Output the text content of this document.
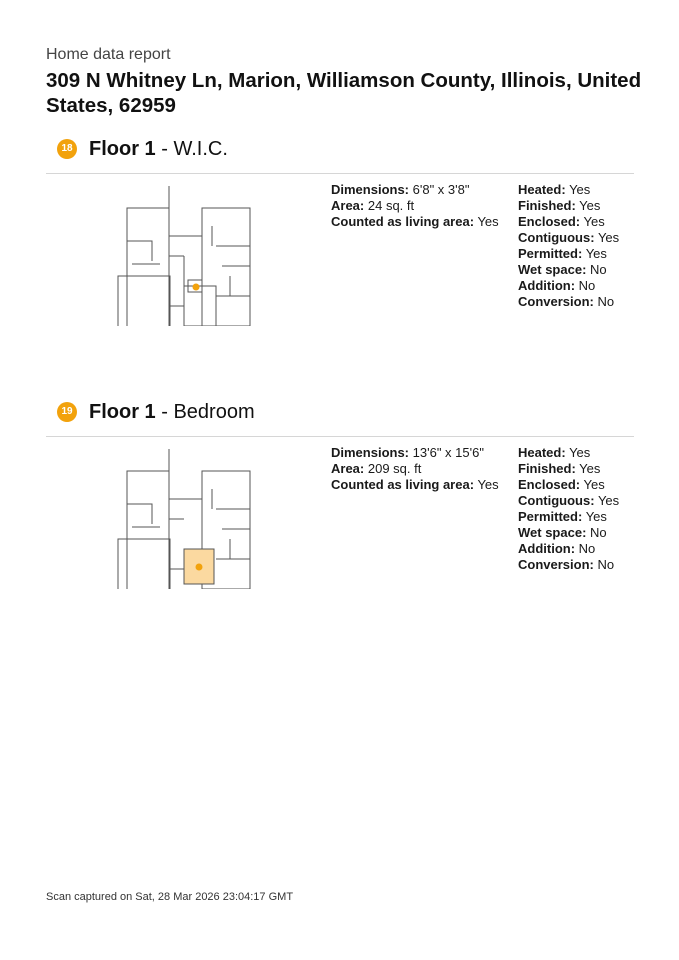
Home data report
309 N Whitney Ln, Marion, Williamson County, Illinois, United States, 62959
18 Floor 1 - W.I.C.
Dimensions: 6'8" x 3'8"
Area: 24 sq. ft
Counted as living area: Yes
Heated: Yes
Finished: Yes
Enclosed: Yes
Contiguous: Yes
Permitted: Yes
Wet space: No
Addition: No
Conversion: No
19 Floor 1 - Bedroom
Dimensions: 13'6" x 15'6"
Area: 209 sq. ft
Counted as living area: Yes
Heated: Yes
Finished: Yes
Enclosed: Yes
Contiguous: Yes
Permitted: Yes
Wet space: No
Addition: No
Conversion: No
Scan captured on Sat, 28 Mar 2026 23:04:17 GMT
